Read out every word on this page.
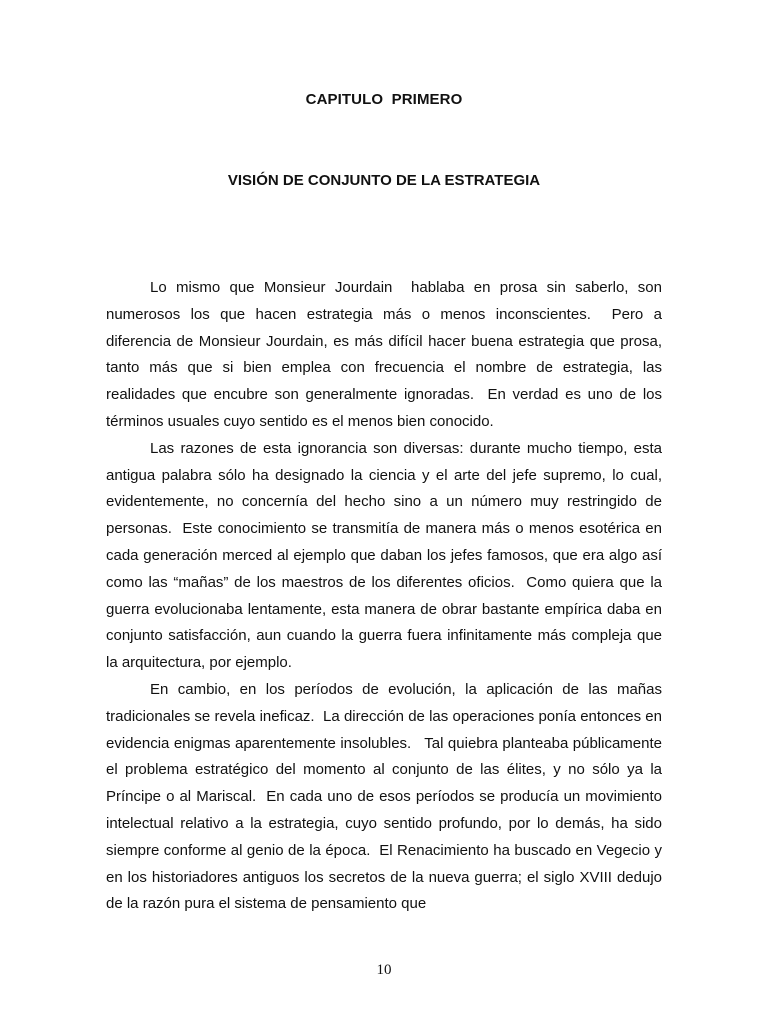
CAPITULO  PRIMERO
VISIÓN DE CONJUNTO DE LA ESTRATEGIA

Lo mismo que Monsieur Jourdain  hablaba en prosa sin saberlo, son numerosos los que hacen estrategia más o menos inconscientes.  Pero a diferencia de Monsieur Jourdain, es más difícil hacer buena estrategia que prosa, tanto más que si bien emplea con frecuencia el nombre de estrategia, las realidades que encubre son generalmente ignoradas.  En verdad es uno de los términos usuales cuyo sentido es el menos bien conocido.

Las razones de esta ignorancia son diversas: durante mucho tiempo, esta antigua palabra sólo ha designado la ciencia y el arte del jefe supremo, lo cual, evidentemente, no concernía del hecho sino a un número muy restringido de personas.  Este conocimiento se transmitía de manera más o menos esotérica en cada generación merced al ejemplo que daban los jefes famosos, que era algo así como las “mañas” de los maestros de los diferentes oficios.  Como quiera que la guerra evolucionaba lentamente, esta manera de obrar bastante empírica daba en conjunto satisfacción, aun cuando la guerra fuera infinitamente más compleja que la arquitectura, por ejemplo.

En cambio, en los períodos de evolución, la aplicación de las mañas tradicionales se revela ineficaz.  La dirección de las operaciones ponía entonces en evidencia enigmas aparentemente insolubles.   Tal quiebra planteaba públicamente el problema estratégico del momento al conjunto de las élites, y no sólo ya la Príncipe o al Mariscal.  En cada uno de esos períodos se producía un movimiento intelectual relativo a la estrategia, cuyo sentido profundo, por lo demás, ha sido siempre conforme al genio de la época.  El Renacimiento ha buscado en Vegecio y en los historiadores antiguos los secretos de la nueva guerra; el siglo XVIII dedujo de la razón pura el sistema de pensamiento que

10
